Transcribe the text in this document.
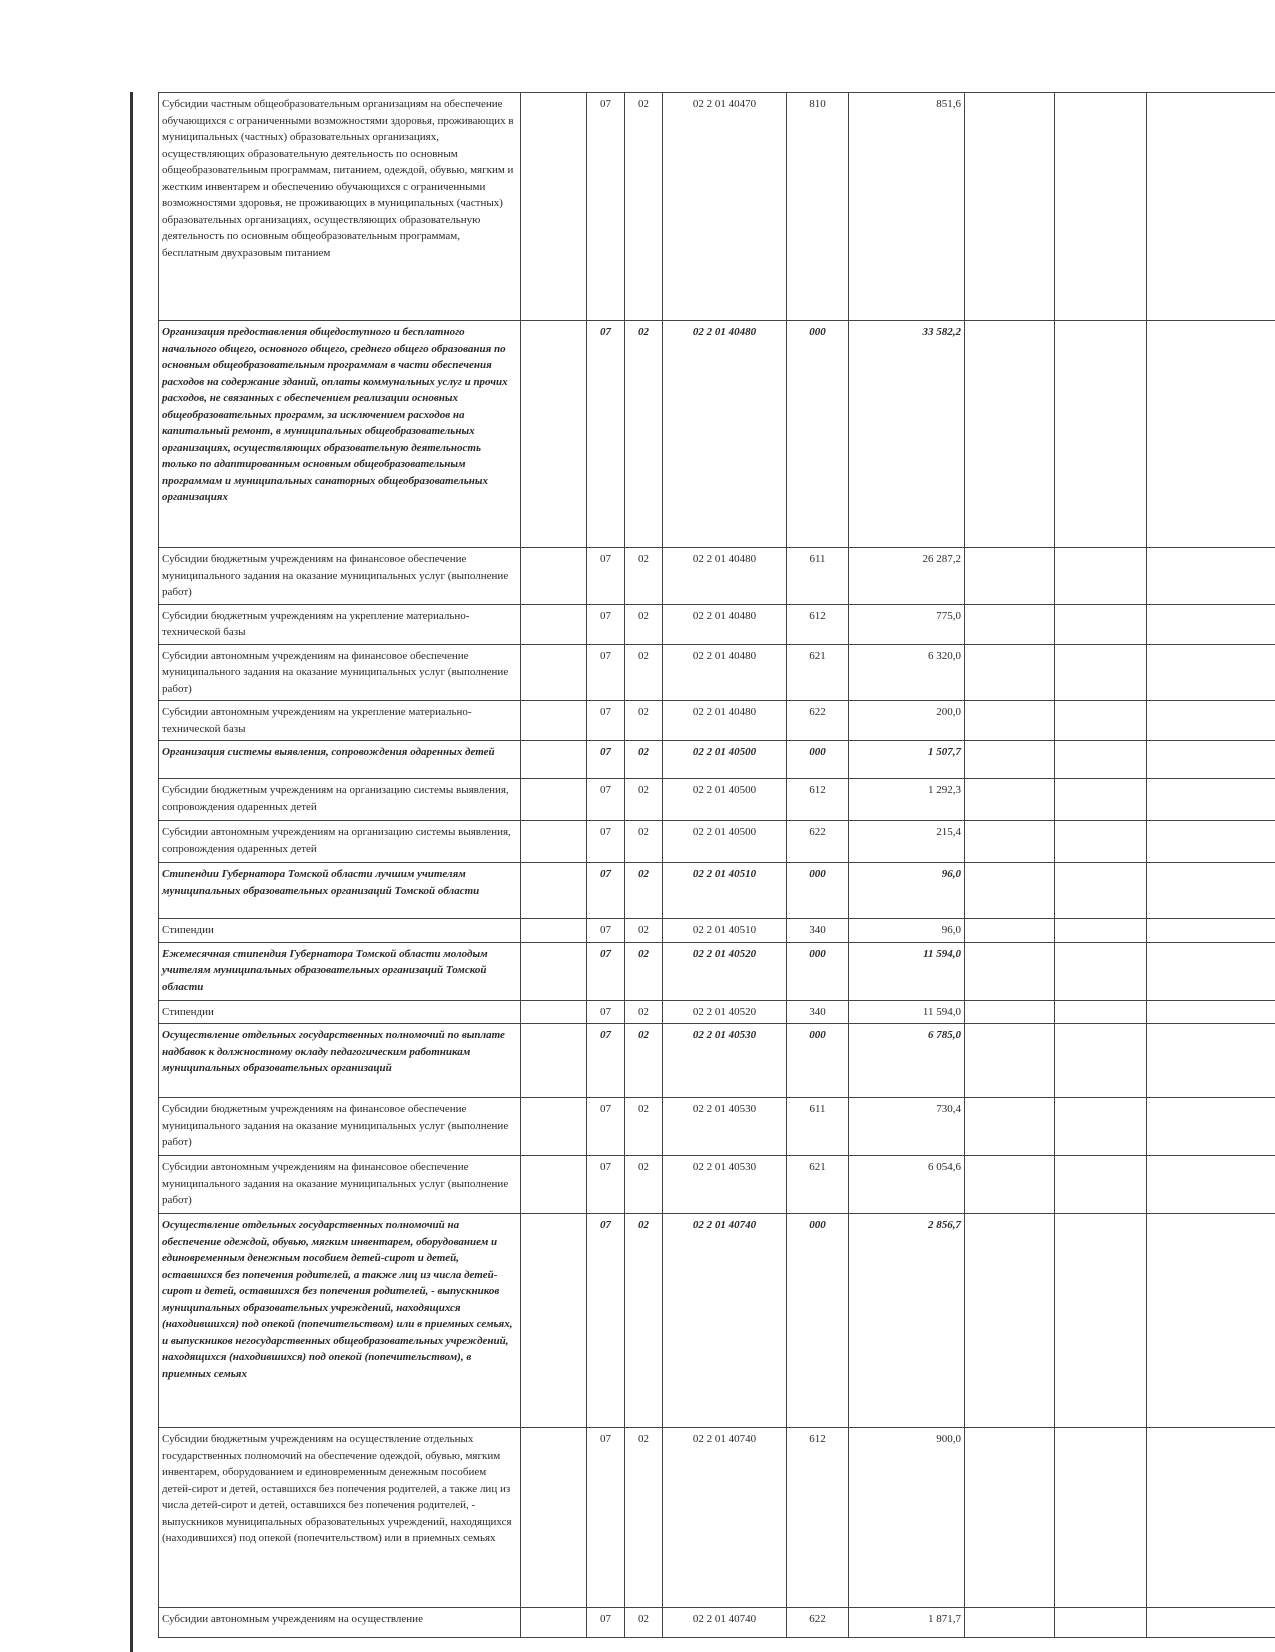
Субсидии частным общеобразовательным организациям на обеспечение обучающихся с ограниченными возможностями здоровья, проживающих в муниципальных (частных) образовательных организациях, осуществляющих образовательную деятельность по основным общеобразовательным программам, питанием, одеждой, обувью, мягким и жестким инвентарем и обеспечению обучающихся с ограниченными возможностями здоровья, не проживающих в муниципальных (частных) образовательных организациях, осуществляющих образовательную деятельность по основным общеобразовательным программам, бесплатным двухразовым питанием		07	02	02 2 01 40470	810	851,6			
Организация предоставления общедоступного и бесплатного начального общего, основного общего, среднего общего образования по основным общеобразовательным программам в части обеспечения расходов на содержание зданий, оплаты коммунальных услуг и прочих расходов, не связанных с обеспечением реализации основных общеобразовательных программ, за исключением расходов на капитальный ремонт, в муниципальных общеобразовательных организациях, осуществляющих образовательную деятельность только по адаптированным основным общеобразовательным программам и муниципальных санаторных общеобразовательных организациях		07	02	02 2 01 40480	000	33 582,2			
Субсидии бюджетным учреждениям на финансовое обеспечение муниципального задания на оказание муниципальных услуг (выполнение работ)		07	02	02 2 01 40480	611	26 287,2			
Субсидии бюджетным учреждениям на укрепление материально-технической базы		07	02	02 2 01 40480	612	775,0			
Субсидии автономным учреждениям на финансовое обеспечение муниципального задания на оказание муниципальных услуг (выполнение работ)		07	02	02 2 01 40480	621	6 320,0			
Субсидии автономным учреждениям на укрепление материально-технической базы		07	02	02 2 01 40480	622	200,0			
Организация системы выявления, сопровождения одаренных детей		07	02	02 2 01 40500	000	1 507,7			
Субсидии бюджетным учреждениям на организацию системы выявления, сопровождения одаренных детей		07	02	02 2 01 40500	612	1 292,3			
Субсидии автономным учреждениям на организацию системы выявления, сопровождения одаренных детей		07	02	02 2 01 40500	622	215,4			
Стипендии Губернатора Томской области лучшим учителям муниципальных образовательных организаций Томской области		07	02	02 2 01 40510	000	96,0			
Стипендии		07	02	02 2 01 40510	340	96,0			
Ежемесячная стипендия Губернатора Томской области молодым учителям муниципальных образовательных организаций Томской области		07	02	02 2 01 40520	000	11 594,0			
Стипендии		07	02	02 2 01 40520	340	11 594,0			
Осуществление отдельных государственных полномочий по выплате надбавок к должностному окладу педагогическим работникам муниципальных образовательных организаций		07	02	02 2 01 40530	000	6 785,0			
Субсидии бюджетным учреждениям на финансовое обеспечение муниципального задания на оказание муниципальных услуг (выполнение работ)		07	02	02 2 01 40530	611	730,4			
Субсидии автономным учреждениям на финансовое обеспечение муниципального задания на оказание муниципальных услуг (выполнение работ)		07	02	02 2 01 40530	621	6 054,6			
Осуществление отдельных государственных полномочий на обеспечение одеждой, обувью, мягким инвентарем, оборудованием и единовременным денежным пособием детей-сирот и детей, оставшихся без попечения родителей, а также лиц из числа детей-сирот и детей, оставшихся без попечения родителей, - выпускников муниципальных образовательных учреждений, находящихся (находившихся) под опекой (попечительством) или в приемных семьях, и выпускников негосударственных общеобразовательных учреждений, находящихся (находившихся) под опекой (попечительством), в приемных семьях		07	02	02 2 01 40740	000	2 856,7			
Субсидии бюджетным учреждениям на осуществление отдельных государственных полномочий на обеспечение одеждой, обувью, мягким инвентарем, оборудованием и единовременным денежным пособием детей-сирот и детей, оставшихся без попечения родителей, а также лиц из числа детей-сирот и детей, оставшихся без попечения родителей, - выпускников муниципальных образовательных учреждений, находящихся (находившихся) под опекой (попечительством) или в приемных семьях		07	02	02 2 01 40740	612	900,0			
Субсидии автономным учреждениям на осуществление		07	02	02 2 01 40740	622	1 871,7			
